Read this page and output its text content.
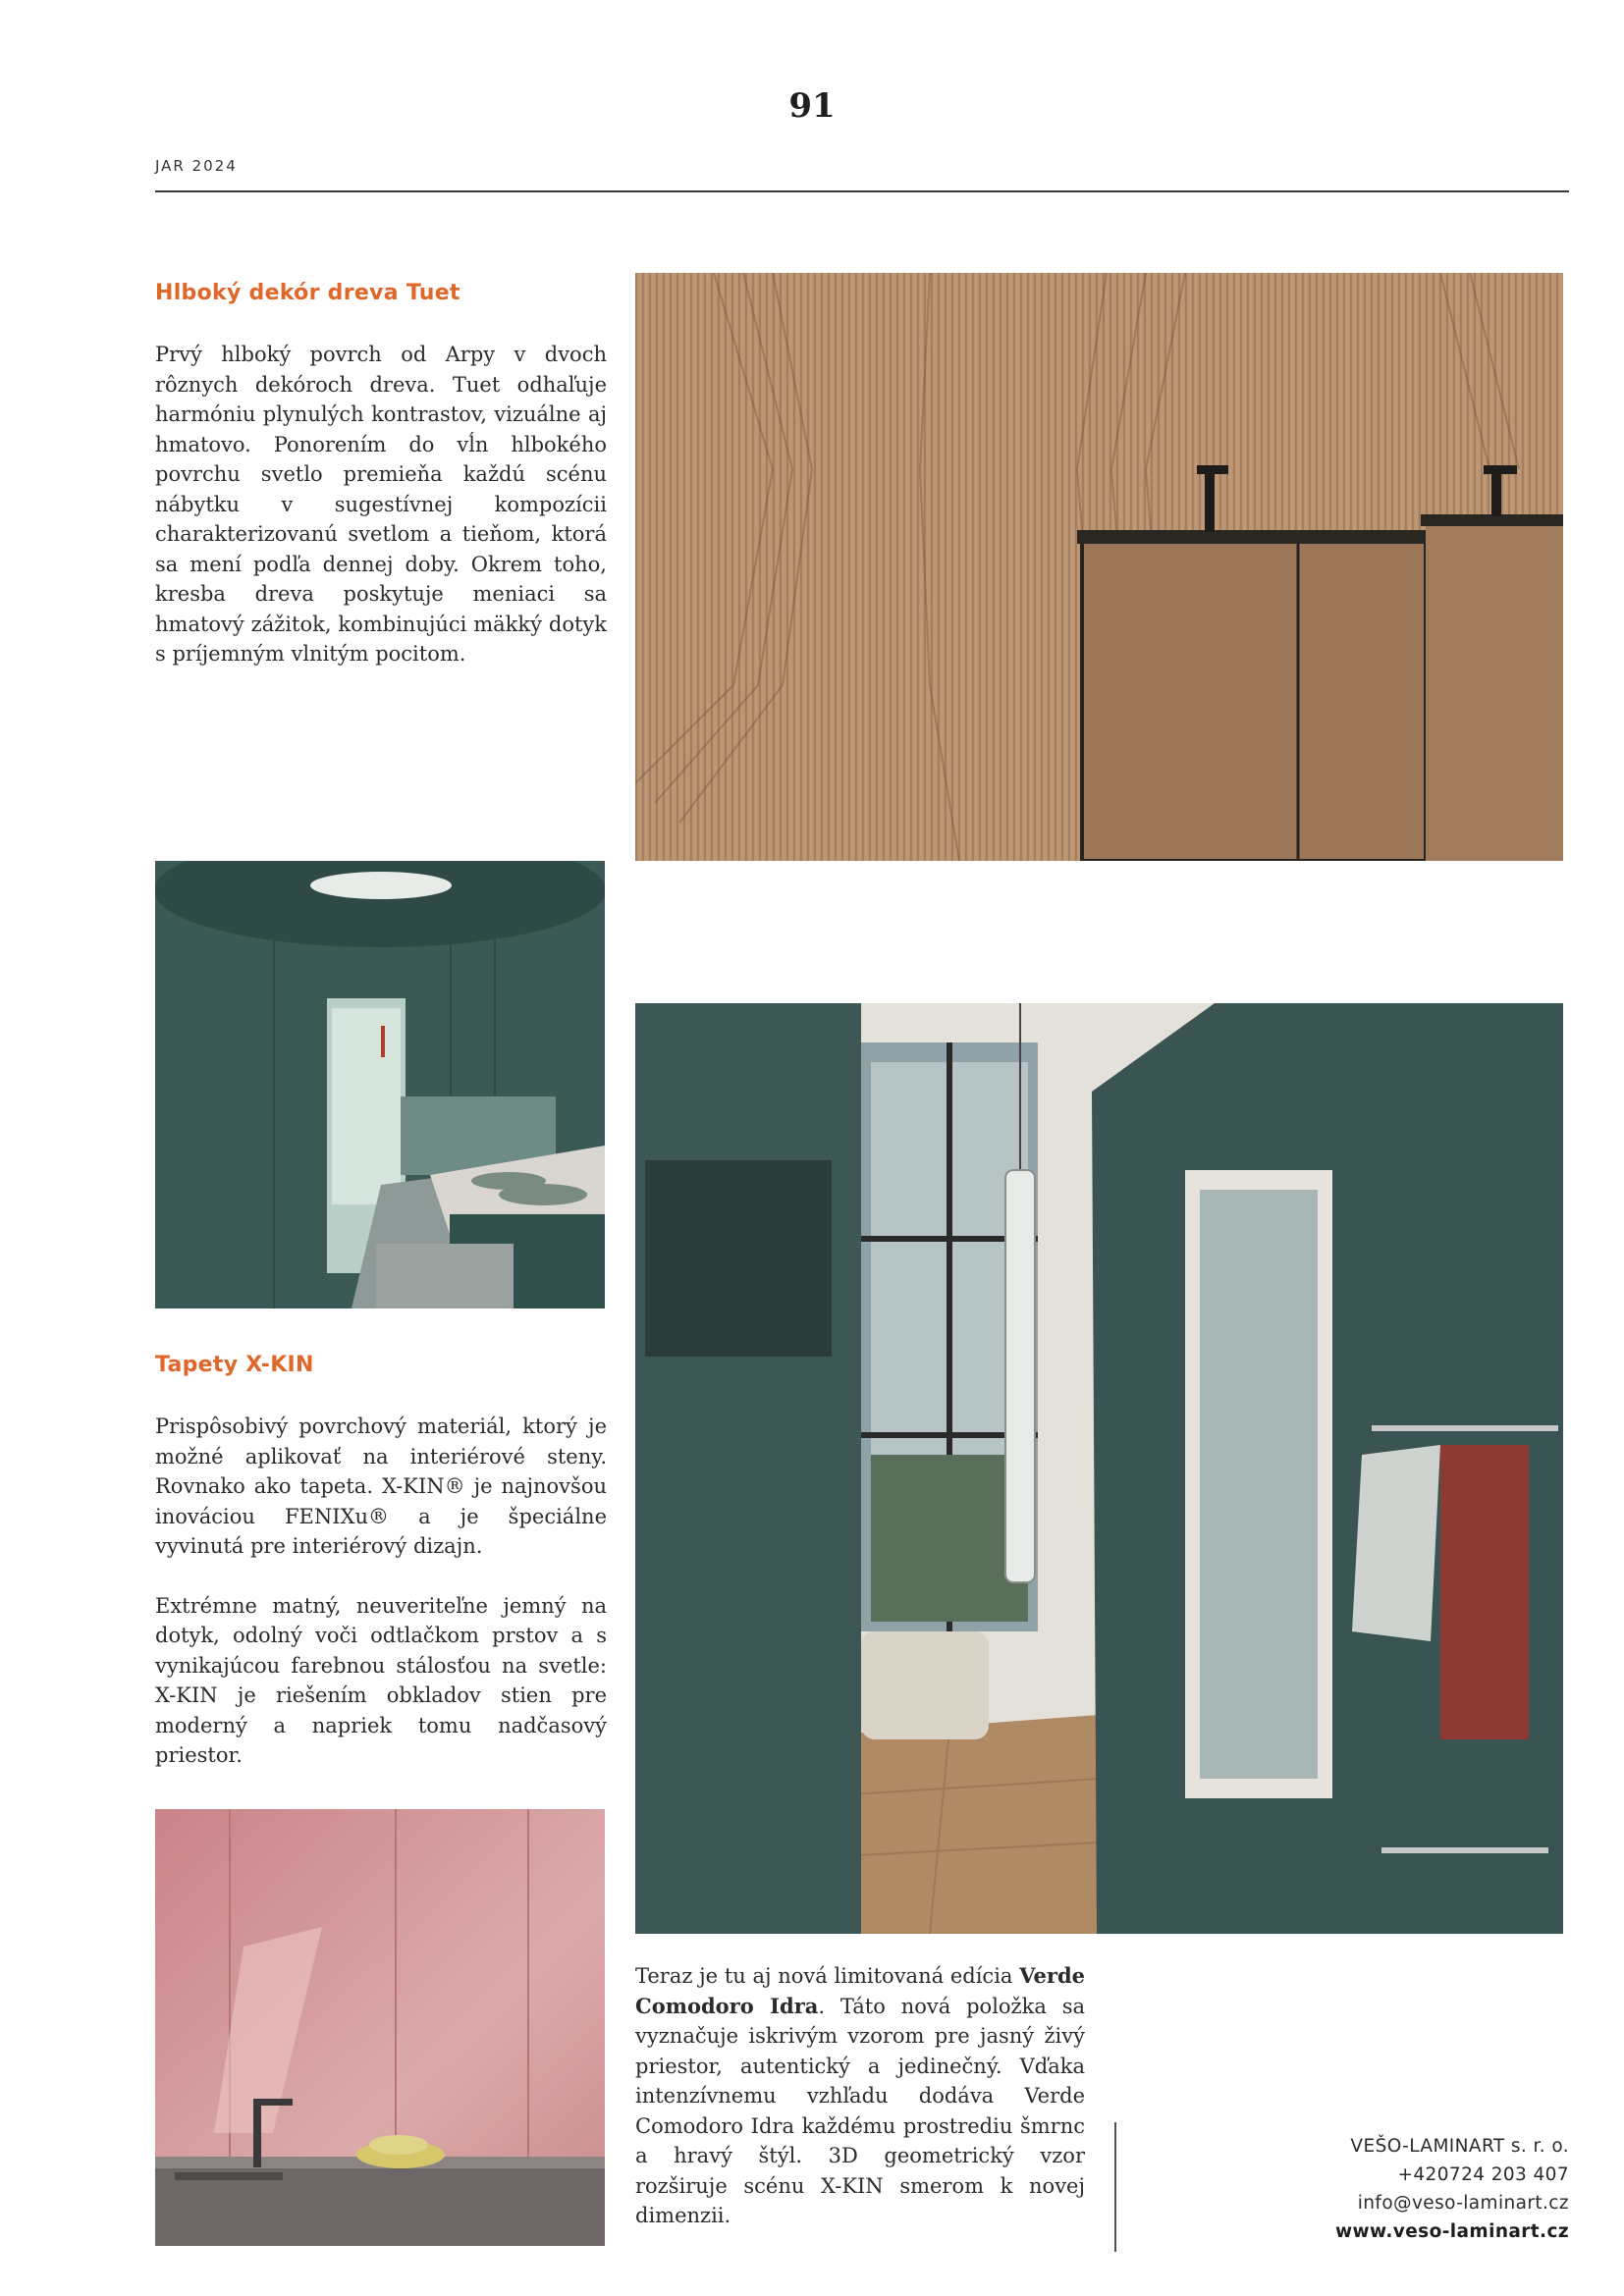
91
JAR 2024
Hlboký dekór dreva Tuet

Prvý hlboký povrch od Arpy v dvoch rôznych dekóroch dreva. Tuet odhaľuje harmóniu plynulých kontrastov, vizuálne aj hmatovo. Ponorením do vĺn hlbokého povrchu svetlo premieňa každú scénu nábytku v sugestívnej kompozícii charakterizovanú svetlom a tieňom, ktorá sa mení podľa dennej doby. Okrem toho, kresba dreva poskytuje meniaci sa hmatový zážitok, kombinujúci mäkký dotyk s príjemným vlnitým pocitom.

Tapety X-KIN

Prispôsobivý povrchový materiál, ktorý je možné aplikovať na interiérové steny. Rovnako ako tapeta. X-KIN® je najnovšou inováciou FENIXu® a je špeciálne vyvinutá pre interiérový dizajn.

Extrémne matný, neuveriteľne jemný na dotyk, odolný voči odtlačkom prstov a s vynikajúcou farebnou stálosťou na svetle: X-KIN je riešením obkladov stien pre moderný a napriek tomu nadčasový priestor.

Teraz je tu aj nová limitovaná edícia Verde Comodoro Idra. Táto nová položka sa vyznačuje iskrivým vzorom pre jasný živý priestor, autentický a jedinečný. Vďaka intenzívnemu vzhľadu dodáva Verde Comodoro Idra každému prostrediu šmrnc a hravý štýl. 3D geometrický vzor rozširuje scénu X-KIN smerom k novej dimenzii.

VEŠO-LAMINART s. r. o.
+420724 203 407
info@veso-laminart.cz
www.veso-laminart.cz
